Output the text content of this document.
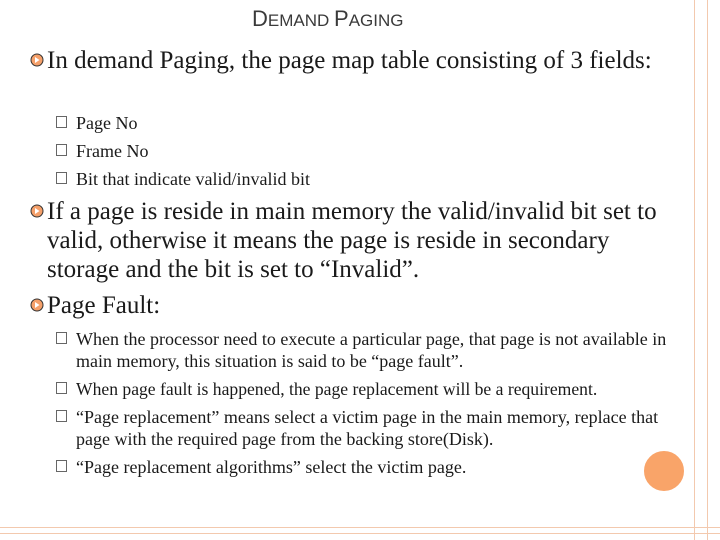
DEMAND PAGING
In demand Paging, the page map table consisting of 3 fields:
Page No
Frame No
Bit that indicate valid/invalid bit
If a page is reside in main memory the valid/invalid bit set to valid, otherwise it means the page is reside in secondary storage and the bit is set to “Invalid”.
Page Fault:
When the processor need to execute a particular page, that page is not available in main memory, this situation is said to be “page fault”.
When page fault is happened, the page replacement will be a requirement.
“Page replacement” means select a victim page in the main memory, replace that page with the required page from the backing store(Disk).
“Page replacement algorithms” select the victim page.
